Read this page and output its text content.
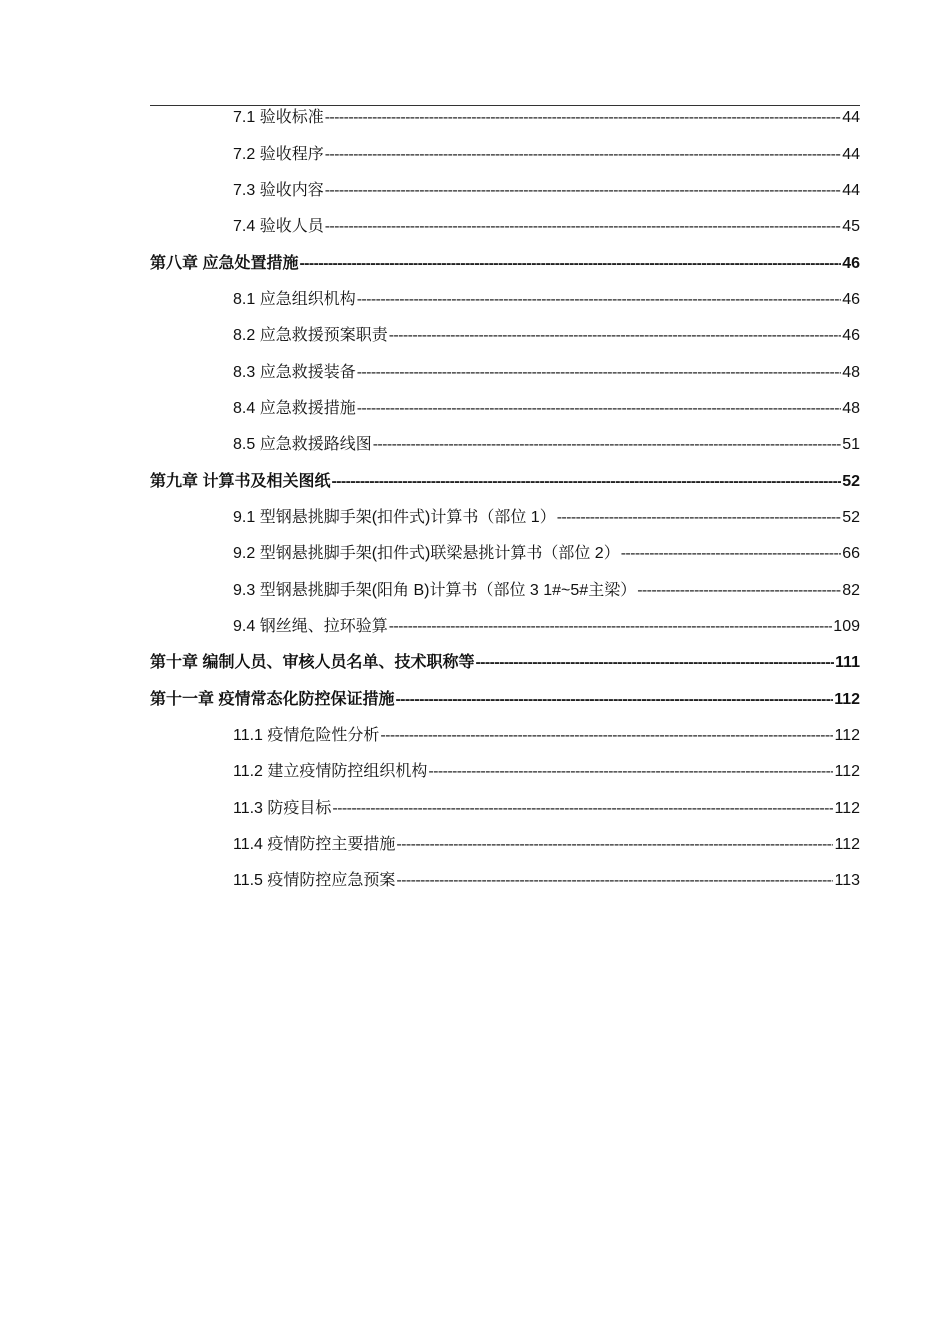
7.1 验收标准 -----	44
7.2 验收程序 -----	44
7.3 验收内容 -----	44
7.4 验收人员 -----	45
第八章 应急处置措施 -----	46
8.1 应急组织机构 -----	46
8.2 应急救援预案职责 -----	46
8.3 应急救援装备 -----	48
8.4 应急救援措施 -----	48
8.5 应急救援路线图 -----	51
第九章 计算书及相关图纸 -----	52
9.1 型钢悬挑脚手架(扣件式)计算书（部位 1） -----	52
9.2 型钢悬挑脚手架(扣件式)联梁悬挑计算书（部位 2） -----	66
9.3 型钢悬挑脚手架(阳角 B)计算书（部位 3 1#~5#主梁） -----	82
9.4 钢丝绳、拉环验算 -----	109
第十章 编制人员、审核人员名单、技术职称等 -----	111
第十一章 疫情常态化防控保证措施 -----	112
11.1 疫情危险性分析 -----	112
11.2 建立疫情防控组织机构 -----	112
11.3 防疫目标 -----	112
11.4 疫情防控主要措施 -----	112
11.5 疫情防控应急预案 -----	113
